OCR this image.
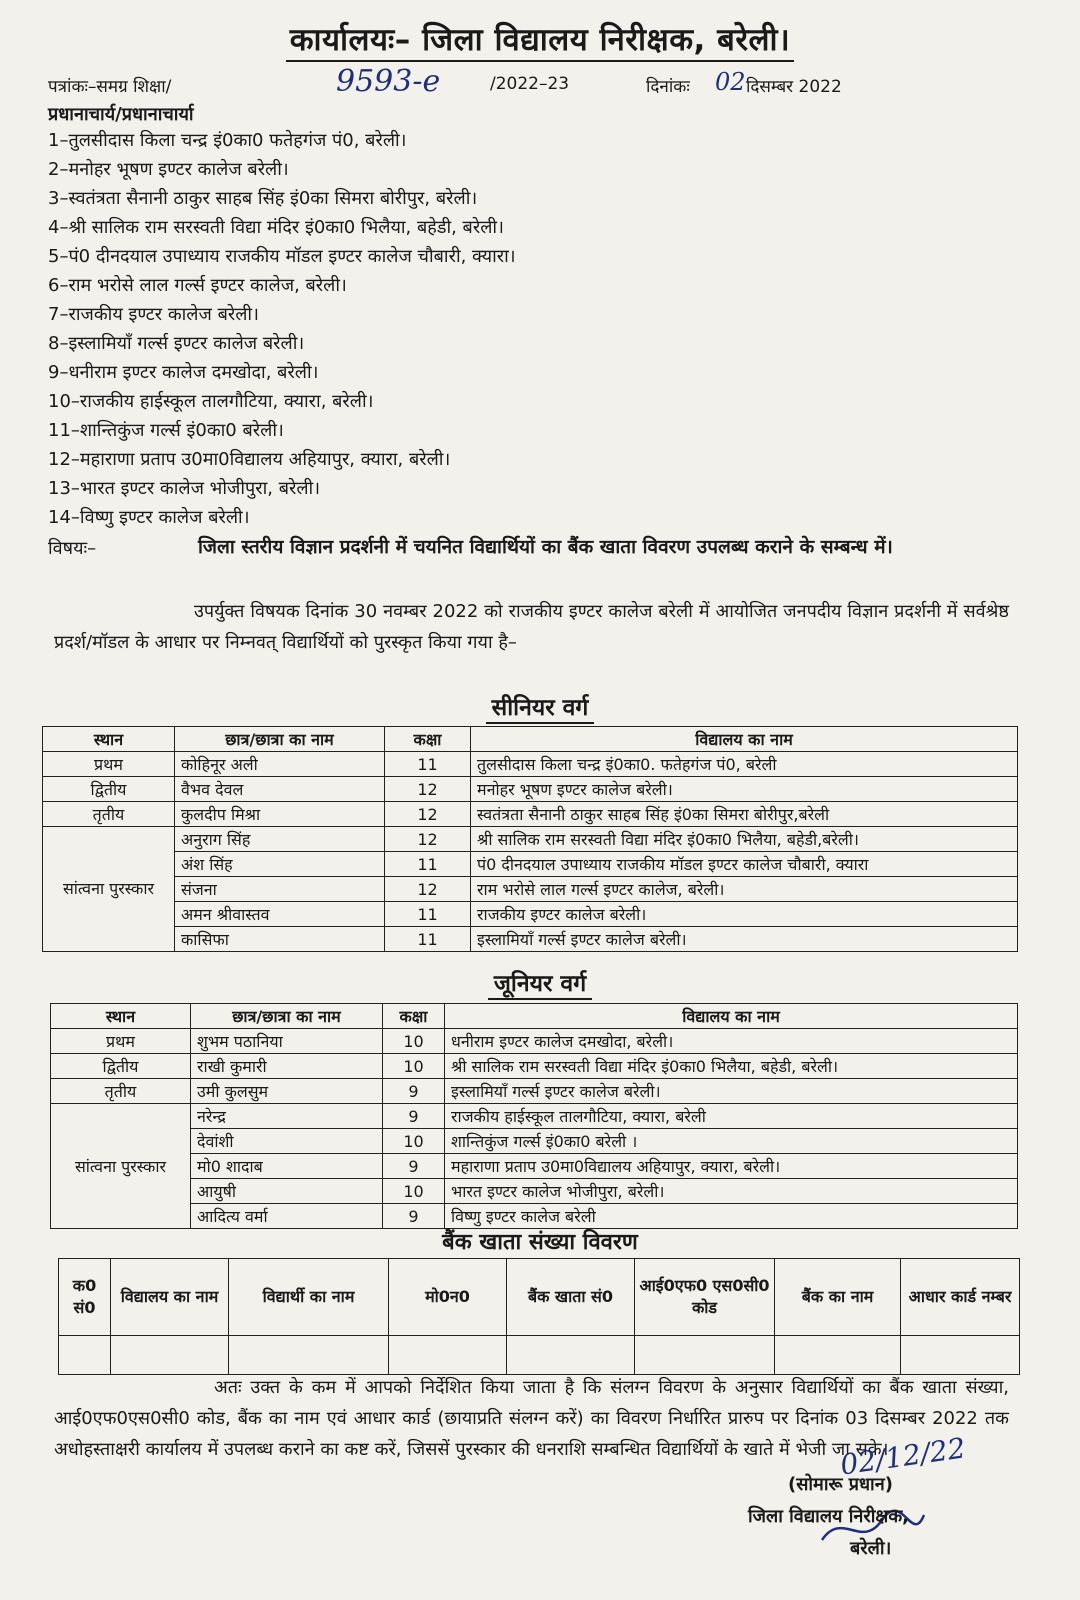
कार्यालयः– जिला विद्यालय निरीक्षक, बरेली।
पत्रांकः–समग्र शिक्षा/	9593-e	/2022–23	दिनांकः 02 दिसम्बर 2022
प्रधानाचार्य/प्रधानाचार्या
1–तुलसीदास किला चन्द्र इं0का0 फतेहगंज पं0, बरेली।
2–मनोहर भूषण इण्टर कालेज बरेली।
3–स्वतंत्रता सैनानी ठाकुर साहब सिंह इं0का सिमरा बोरीपुर, बरेली।
4–श्री सालिक राम सरस्वती विद्या मंदिर इं0का0 भिलैया, बहेडी, बरेली।
5–पं0 दीनदयाल उपाध्याय राजकीय मॉडल इण्टर कालेज चौबारी, क्यारा।
6–राम भरोसे लाल गर्ल्स इण्टर कालेज, बरेली।
7–राजकीय इण्टर कालेज बरेली।
8–इस्लामियाँ गर्ल्स इण्टर कालेज बरेली।
9–धनीराम इण्टर कालेज दमखोदा, बरेली।
10–राजकीय हाईस्कूल तालगौटिया, क्यारा, बरेली।
11–शान्तिकुंज गर्ल्स इं0का0 बरेली।
12–महाराणा प्रताप उ0मा0विद्यालय अहियापुर, क्यारा, बरेली।
13–भारत इण्टर कालेज भोजीपुरा, बरेली।
14–विष्णु इण्टर कालेज बरेली।
विषयः–	जिला स्तरीय विज्ञान प्रदर्शनी में चयनित विद्यार्थियों का बैंक खाता विवरण उपलब्ध कराने के सम्बन्ध में।
उपर्युक्त विषयक दिनांक 30 नवम्बर 2022 को राजकीय इण्टर कालेज बरेली में आयोजित जनपदीय विज्ञान प्रदर्शनी में सर्वश्रेष्ठ प्रदर्श/मॉडल के आधार पर निम्नवत् विद्यार्थियों को पुरस्कृत किया गया है–
सीनियर वर्ग
स्थान	छात्र/छात्रा का नाम	कक्षा	विद्यालय का नाम
प्रथम	कोहिनूर अली	11	तुलसीदास किला चन्द्र इं0का0. फतेहगंज पं0, बरेली
द्वितीय	वैभव देवल	12	मनोहर भूषण इण्टर कालेज बरेली।
तृतीय	कुलदीप मिश्रा	12	स्वतंत्रता सैनानी ठाकुर साहब सिंह इं0का सिमरा बोरीपुर,बरेली
सांत्वना पुरस्कार	अनुराग सिंह	12	श्री सालिक राम सरस्वती विद्या मंदिर इं0का0 भिलैया, बहेडी,बरेली।
	अंश सिंह	11	पं0 दीनदयाल उपाध्याय राजकीय मॉडल इण्टर कालेज चौबारी, क्यारा
	संजना	12	राम भरोसे लाल गर्ल्स इण्टर कालेज, बरेली।
	अमन श्रीवास्तव	11	राजकीय इण्टर कालेज बरेली।
	कासिफा	11	इस्लामियाँ गर्ल्स इण्टर कालेज बरेली।
जूनियर वर्ग
स्थान	छात्र/छात्रा का नाम	कक्षा	विद्यालय का नाम
प्रथम	शुभम पठानिया	10	धनीराम इण्टर कालेज दमखोदा, बरेली।
द्वितीय	राखी कुमारी	10	श्री सालिक राम सरस्वती विद्या मंदिर इं0का0 भिलैया, बहेडी, बरेली।
तृतीय	उमी कुलसुम	9	इस्लामियाँ गर्ल्स इण्टर कालेज बरेली।
सांत्वना पुरस्कार	नरेन्द्र	9	राजकीय हाईस्कूल तालगौटिया, क्यारा, बरेली
	देवांशी	10	शान्तिकुंज गर्ल्स इं0का0 बरेली ।
	मो0 शादाब	9	महाराणा प्रताप उ0मा0विद्यालय अहियापुर, क्यारा, बरेली।
	आयुषी	10	भारत इण्टर कालेज भोजीपुरा, बरेली।
	आदित्य वर्मा	9	विष्णु इण्टर कालेज बरेली
बैंक खाता संख्या विवरण
क0 सं0	विद्यालय का नाम	विद्यार्थी का नाम	मो0न0	बैंक खाता सं0	आई0एफ0 एस0सी0 कोड	बैंक का नाम	आधार कार्ड नम्बर

अतः उक्त के कम में आपको निर्देशित किया जाता है कि संलग्न विवरण के अनुसार विद्यार्थियों का बैंक खाता संख्या, आई0एफ0एस0सी0 कोड, बैंक का नाम एवं आधार कार्ड (छायाप्रति संलग्न करें) का विवरण निर्धारित प्रारुप पर दिनांक 03 दिसम्बर 2022 तक अधोहस्ताक्षरी कार्यालय में उपलब्ध कराने का कष्ट करें, जिससें पुरस्कार की धनराशि सम्बन्धित विद्यार्थियों के खाते में भेजी जा सके।
02/12/22
(सोमारू प्रधान)
जिला विद्यालय निरीक्षक,
बरेली।
